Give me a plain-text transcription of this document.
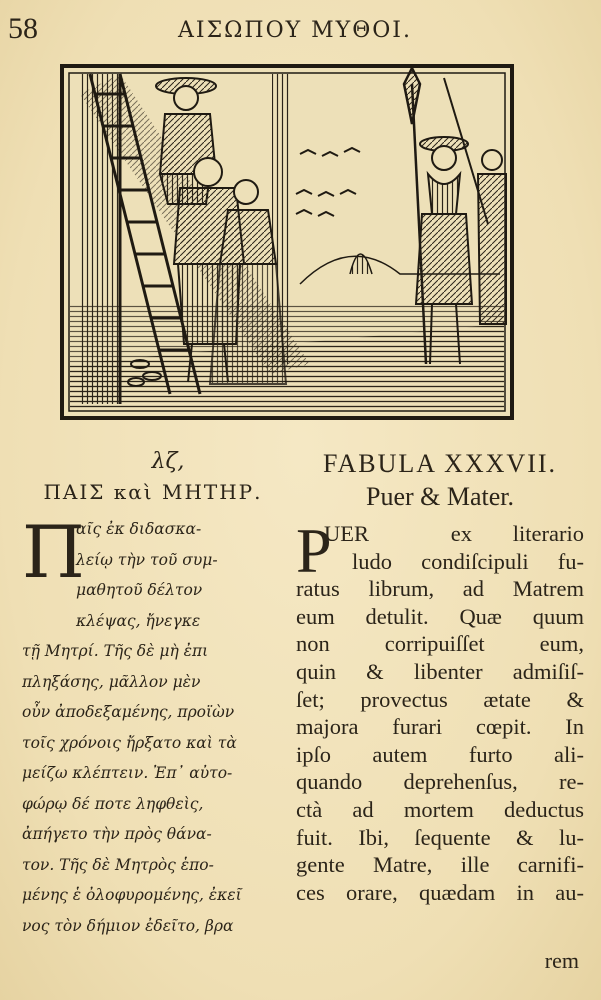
58	ΑΙΣΩΠΟΥ ΜΥΘΟΙ.
λζ,
ΠΑΙΣ καὶ ΜΗΤΗΡ.
Π
αῖς ἐκ διδασκα-
λείῳ τὴν τοῦ συμ-
μαθητοῦ δέλτον
κλέψας, ἤνεγκε
τῇ Μητρί. Τῆς δὲ μὴ ἐπι
πληξάσης, μᾶλλον μὲν
οὖν ἀποδεξαμένης, προϊὼν
τοῖς χρόνοις ἤρξατο καὶ τὰ
μείζω κλέπτειν. Ἐπ᾽ αὐτο-
φώρῳ δέ ποτε ληφθεὶς,
ἀπήγετο τὴν πρὸς θάνα-
τον. Τῆς δὲ Μητρὸς ἑπο-
μένης ἑ ὀλοφυρομένης, ἐκεῖ
νος τὸν δήμιον ἐδεῖτο, βρα
FABULA XXXVII.
Puer & Mater.
P
UER	ex literario
ludo condiſcipuli fu-
ratus librum, ad Matrem
eum detulit. Quæ quum
non corripuiſſet eum,
quin & libenter admiſiſ-
ſet; provectus ætate &
majora furari cœpit. In
ipſo autem furto ali-
quando deprehenſus, re-
ctà ad mortem deductus
fuit. Ibi, ſequente & lu-
gente Matre, ille carnifi-
ces orare, quædam in au-
rem
